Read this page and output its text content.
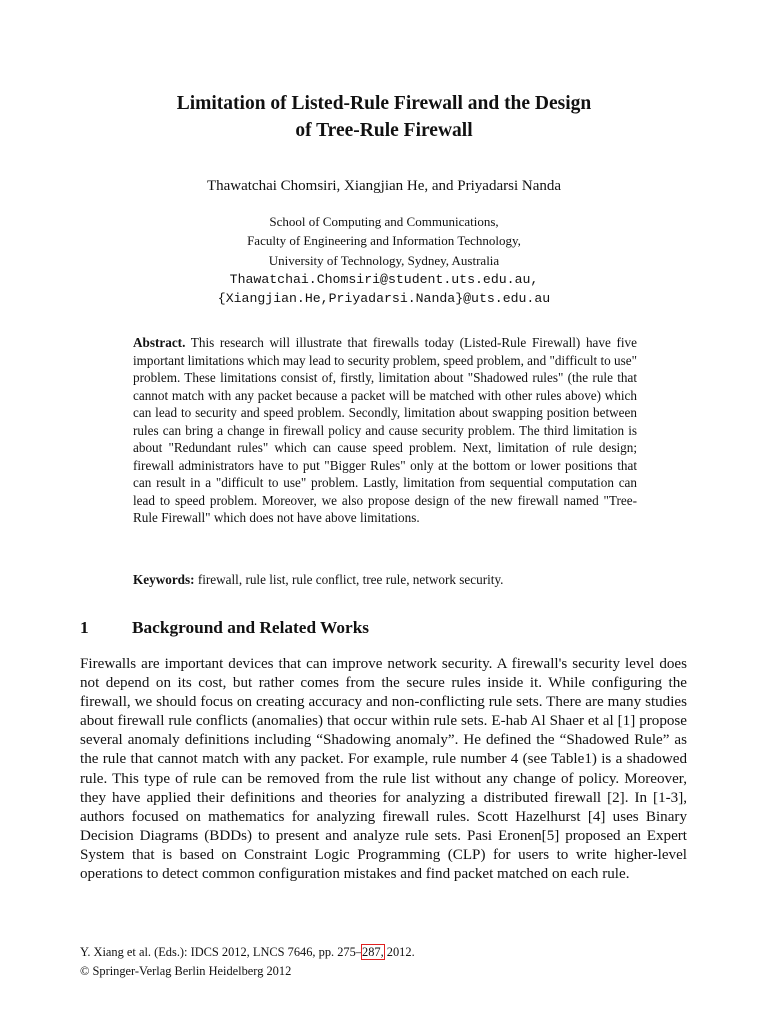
Limitation of Listed-Rule Firewall and the Design
of Tree-Rule Firewall
Thawatchai Chomsiri, Xiangjian He, and Priyadarsi Nanda
School of Computing and Communications,
Faculty of Engineering and Information Technology,
University of Technology, Sydney, Australia
Thawatchai.Chomsiri@student.uts.edu.au,
{Xiangjian.He,Priyadarsi.Nanda}@uts.edu.au
Abstract. This research will illustrate that firewalls today (Listed-Rule Firewall) have five important limitations which may lead to security problem, speed problem, and "difficult to use" problem. These limitations consist of, firstly, limitation about "Shadowed rules" (the rule that cannot match with any packet because a packet will be matched with other rules above) which can lead to security and speed problem. Secondly, limitation about swapping position between rules can bring a change in firewall policy and cause security problem. The third limitation is about "Redundant rules" which can cause speed problem. Next, limitation of rule design; firewall administrators have to put "Bigger Rules" only at the bottom or lower positions that can result in a "difficult to use" problem. Lastly, limitation from sequential computation can lead to speed problem. Moreover, we also propose design of the new firewall named "Tree-Rule Firewall" which does not have above limitations.
Keywords: firewall, rule list, rule conflict, tree rule, network security.
1	Background and Related Works
Firewalls are important devices that can improve network security. A firewall's security level does not depend on its cost, but rather comes from the secure rules inside it. While configuring the firewall, we should focus on creating accuracy and non-conflicting rule sets. There are many studies about firewall rule conflicts (anomalies) that occur within rule sets. E-hab Al Shaer et al [1] propose several anomaly definitions including “Shadowing anomaly”. He defined the “Shadowed Rule” as the rule that cannot match with any packet. For example, rule number 4 (see Table1) is a shadowed rule. This type of rule can be removed from the rule list without any change of policy. Moreover, they have applied their definitions and theories for analyzing a distributed firewall [2]. In [1-3], authors focused on mathematics for analyzing firewall rules. Scott Hazelhurst [4] uses Binary Decision Diagrams (BDDs) to present and analyze rule sets. Pasi Eronen[5] proposed an Expert System that is based on Constraint Logic Programming (CLP) for users to write higher-level operations to detect common configuration mistakes and find packet matched on each rule.
Y. Xiang et al. (Eds.): IDCS 2012, LNCS 7646, pp. 275–287, 2012.
© Springer-Verlag Berlin Heidelberg 2012
